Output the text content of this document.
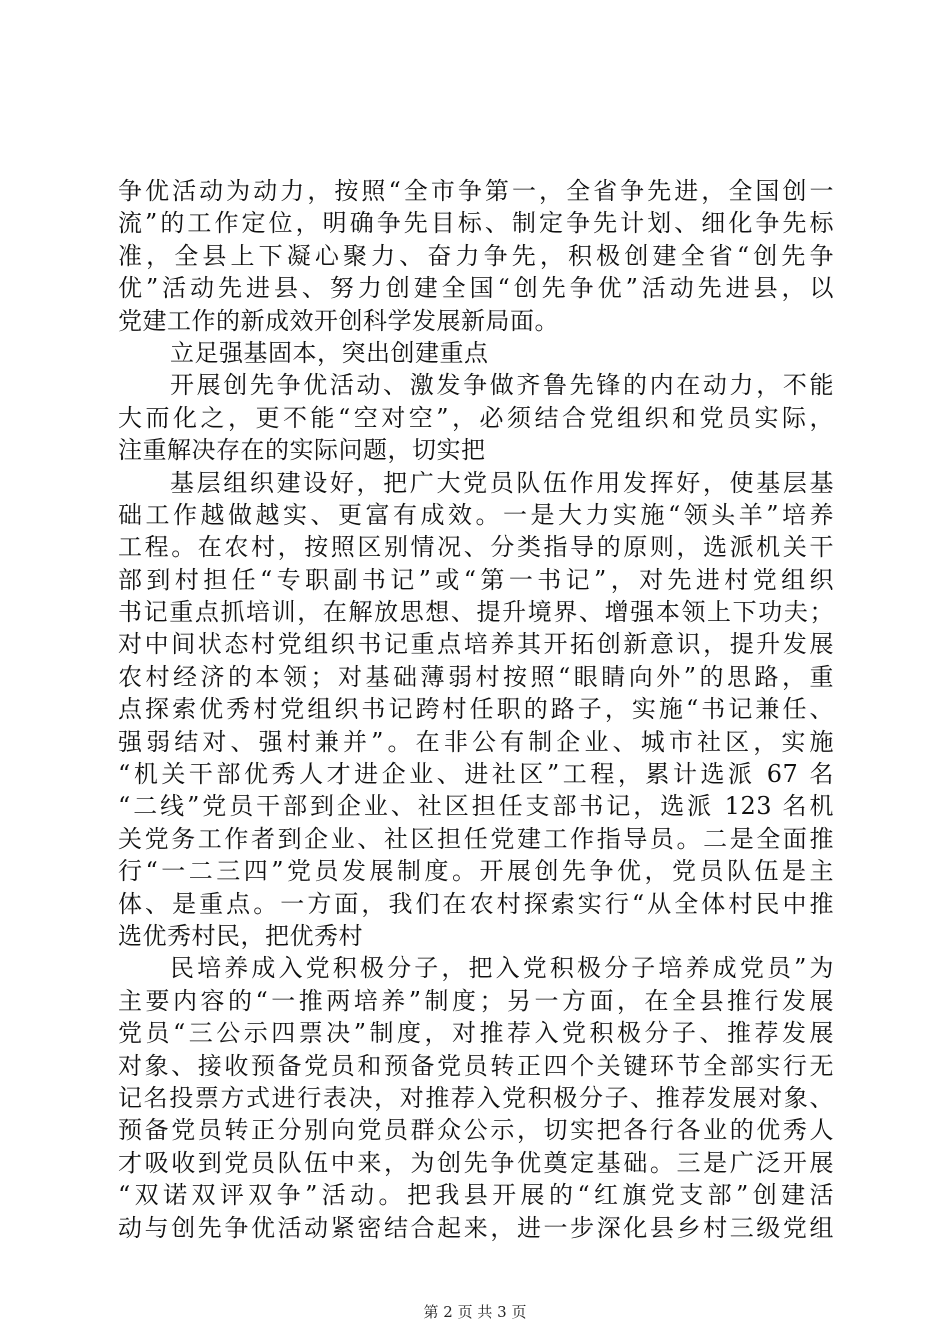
争优活动为动力，按照“全市争第一，全省争先进，全国创一
流”的工作定位，明确争先目标、制定争先计划、细化争先标
准，全县上下凝心聚力、奋力争先，积极创建全省“创先争
优”活动先进县、努力创建全国“创先争优”活动先进县，以
党建工作的新成效开创科学发展新局面。
立足强基固本，突出创建重点
开展创先争优活动、激发争做齐鲁先锋的内在动力，不能
大而化之，更不能“空对空”，必须结合党组织和党员实际，
注重解决存在的实际问题，切实把
基层组织建设好，把广大党员队伍作用发挥好，使基层基
础工作越做越实、更富有成效。一是大力实施“领头羊”培养
工程。在农村，按照区别情况、分类指导的原则，选派机关干
部到村担任“专职副书记”或“第一书记”，对先进村党组织
书记重点抓培训，在解放思想、提升境界、增强本领上下功夫；
对中间状态村党组织书记重点培养其开拓创新意识，提升发展
农村经济的本领；对基础薄弱村按照“眼睛向外”的思路，重
点探索优秀村党组织书记跨村任职的路子，实施“书记兼任、
强弱结对、强村兼并”。在非公有制企业、城市社区，实施
“机关干部优秀人才进企业、进社区”工程，累计选派 67 名
“二线”党员干部到企业、社区担任支部书记，选派 123 名机
关党务工作者到企业、社区担任党建工作指导员。二是全面推
行“一二三四”党员发展制度。开展创先争优，党员队伍是主
体、是重点。一方面，我们在农村探索实行“从全体村民中推
选优秀村民，把优秀村
民培养成入党积极分子，把入党积极分子培养成党员”为
主要内容的“一推两培养”制度；另一方面，在全县推行发展
党员“三公示四票决”制度，对推荐入党积极分子、推荐发展
对象、接收预备党员和预备党员转正四个关键环节全部实行无
记名投票方式进行表决，对推荐入党积极分子、推荐发展对象、
预备党员转正分别向党员群众公示，切实把各行各业的优秀人
才吸收到党员队伍中来，为创先争优奠定基础。三是广泛开展
“双诺双评双争”活动。把我县开展的“红旗党支部”创建活
动与创先争优活动紧密结合起来，进一步深化县乡村三级党组
第 2 页 共 3 页
